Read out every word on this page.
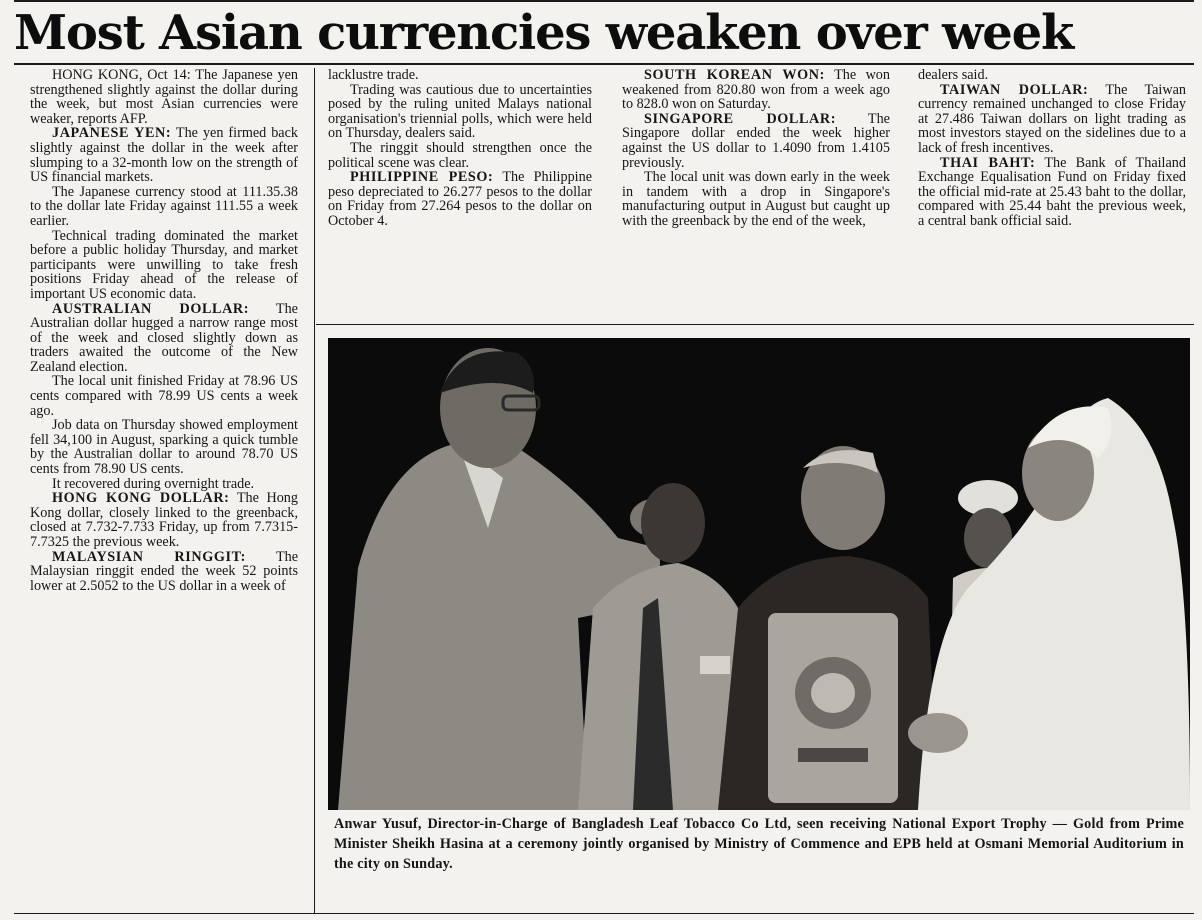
Most Asian currencies weaken over week

HONG KONG, Oct 14: The Japanese yen strengthened slightly against the dollar during the week, but most Asian currencies were weaker, reports AFP.

JAPANESE YEN: The yen firmed back slightly against the dollar in the week after slumping to a 32-month low on the strength of US financial markets.

The Japanese currency stood at 111.35.38 to the dollar late Friday against 111.55 a week earlier.

Technical trading dominated the market before a public holiday Thursday, and market participants were unwilling to take fresh positions Friday ahead of the release of important US economic data.

AUSTRALIAN DOLLAR: The Australian dollar hugged a narrow range most of the week and closed slightly down as traders awaited the outcome of the New Zealand election.

The local unit finished Friday at 78.96 US cents compared with 78.99 US cents a week ago.

Job data on Thursday showed employment fell 34,100 in August, sparking a quick tumble by the Australian dollar to around 78.70 US cents from 78.90 US cents.

It recovered during overnight trade.

HONG KONG DOLLAR: The Hong Kong dollar, closely linked to the greenback, closed at 7.732-7.733 Friday, up from 7.7315-7.7325 the previous week.

MALAYSIAN RINGGIT: The Malaysian ringgit ended the week 52 points lower at 2.5052 to the US dollar in a week of

lacklustre trade.

Trading was cautious due to uncertainties posed by the ruling united Malays national organisation's triennial polls, which were held on Thursday, dealers said.

The ringgit should strengthen once the political scene was clear.

PHILIPPINE PESO: The Philippine peso depreciated to 26.277 pesos to the dollar on Friday from 27.264 pesos to the dollar on October 4.

SOUTH KOREAN WON: The won weakened from 820.80 won from a week ago to 828.0 won on Saturday.

SINGAPORE DOLLAR: The Singapore dollar ended the week higher against the US dollar to 1.4090 from 1.4105 previously.

The local unit was down early in the week in tandem with a drop in Singapore's manufacturing output in August but caught up with the greenback by the end of the week,

dealers said.

TAIWAN DOLLAR: The Taiwan currency remained unchanged to close Friday at 27.486 Taiwan dollars on light trading as most investors stayed on the sidelines due to a lack of fresh incentives.

THAI BAHT: The Bank of Thailand Exchange Equalisation Fund on Friday fixed the official mid-rate at 25.43 baht to the dollar, compared with 25.44 baht the previous week, a central bank official said.

Anwar Yusuf, Director-in-Charge of Bangladesh Leaf Tobacco Co Ltd, seen receiving National Export Trophy — Gold from Prime Minister Sheikh Hasina at a ceremony jointly organised by Ministry of Commence and EPB held at Osmani Memorial Auditorium in the city on Sunday.
